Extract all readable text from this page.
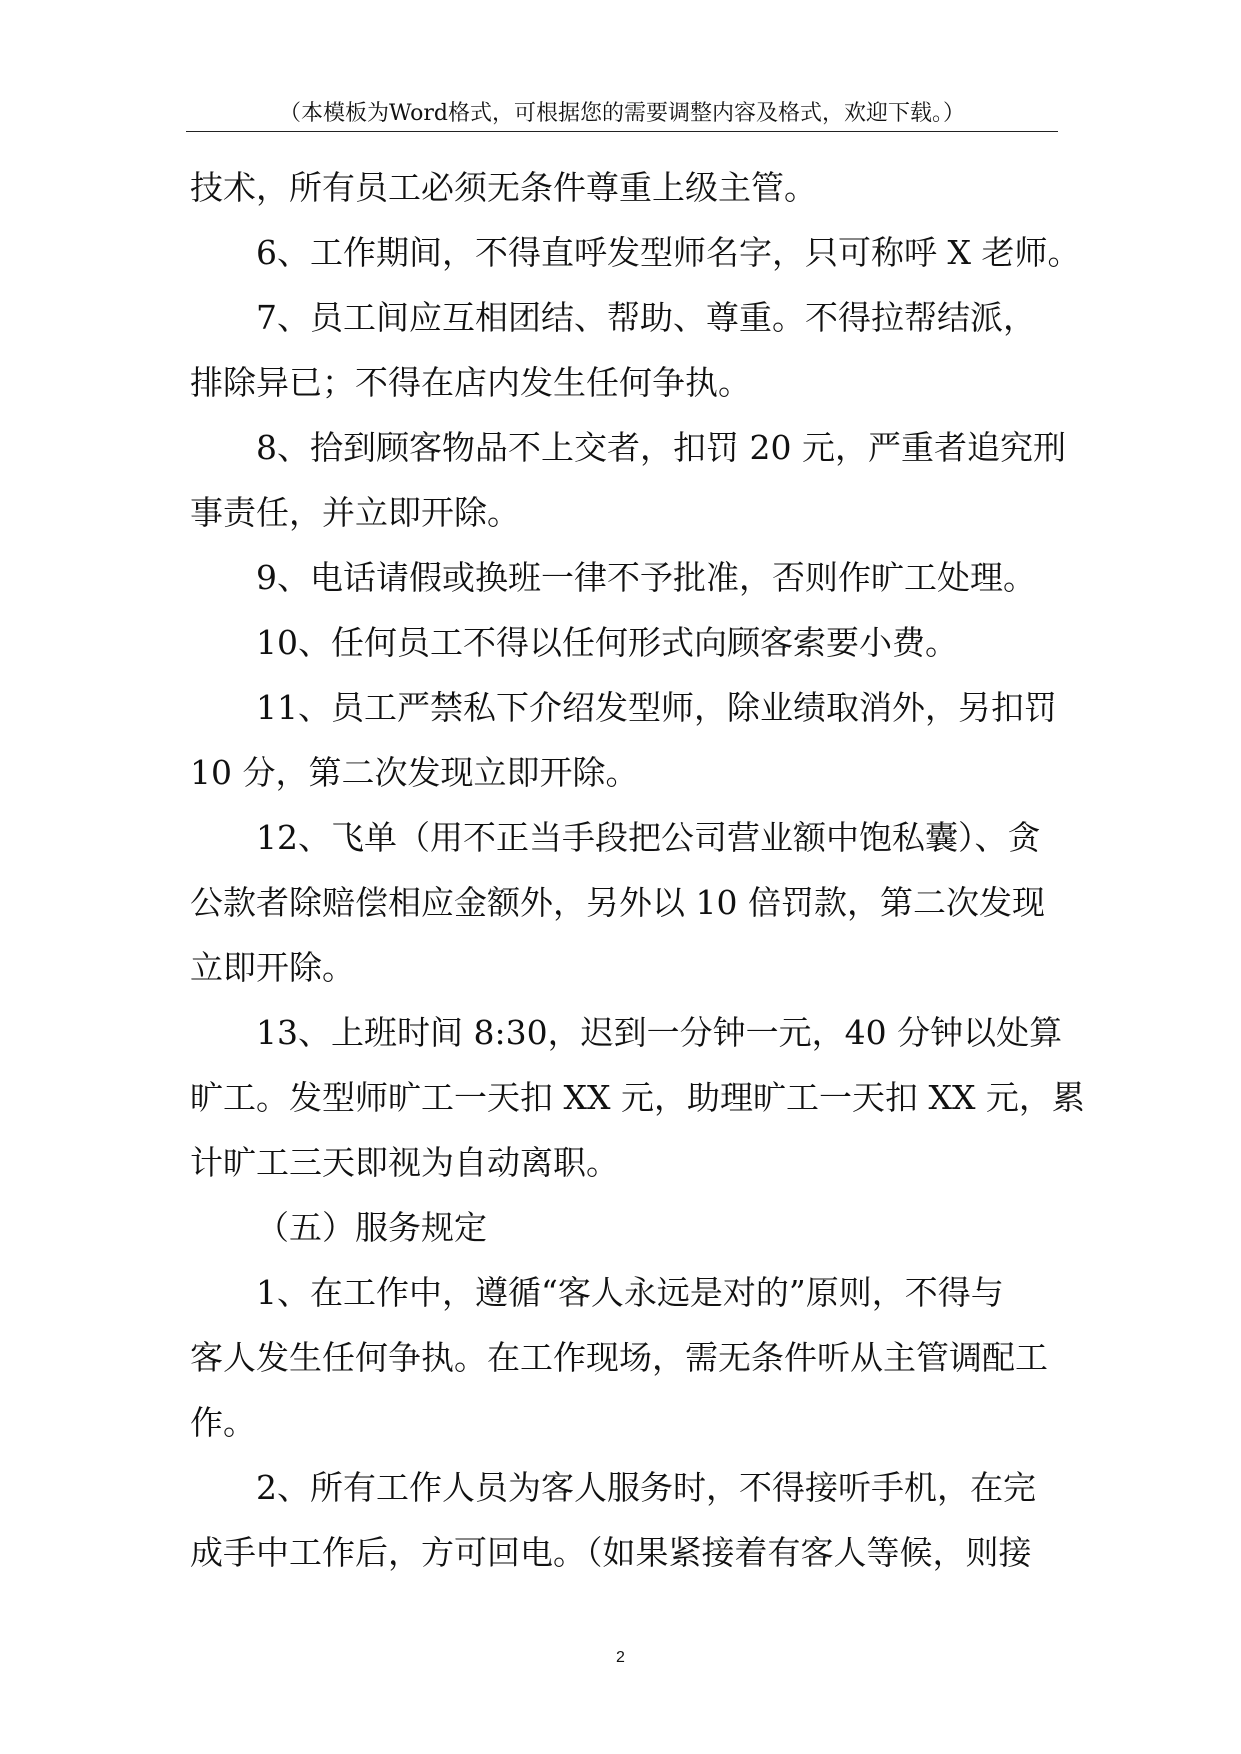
（本模板为Word格式，可根据您的需要调整内容及格式，欢迎下载。）

技术，所有员工必须无条件尊重上级主管。

6、工作期间，不得直呼发型师名字，只可称呼 X 老师。

7、员工间应互相团结、帮助、尊重。不得拉帮结派，
排除异已；不得在店内发生任何争执。

8、拾到顾客物品不上交者，扣罚 20 元，严重者追究刑
事责任，并立即开除。

9、电话请假或换班一律不予批准，否则作旷工处理。

10、任何员工不得以任何形式向顾客索要小费。

11、员工严禁私下介绍发型师，除业绩取消外，另扣罚
10 分，第二次发现立即开除。

12、飞单（用不正当手段把公司营业额中饱私囊）、贪
公款者除赔偿相应金额外，另外以 10 倍罚款，第二次发现
立即开除。

13、上班时间 8:30，迟到一分钟一元，40 分钟以处算
旷工。发型师旷工一天扣 XX 元，助理旷工一天扣 XX 元，累
计旷工三天即视为自动离职。

（五）服务规定

1、在工作中，遵循“客人永远是对的”原则，不得与
客人发生任何争执。在工作现场，需无条件听从主管调配工
作。

2、所有工作人员为客人服务时，不得接听手机，在完
成手中工作后，方可回电。（如果紧接着有客人等候，则接

2
